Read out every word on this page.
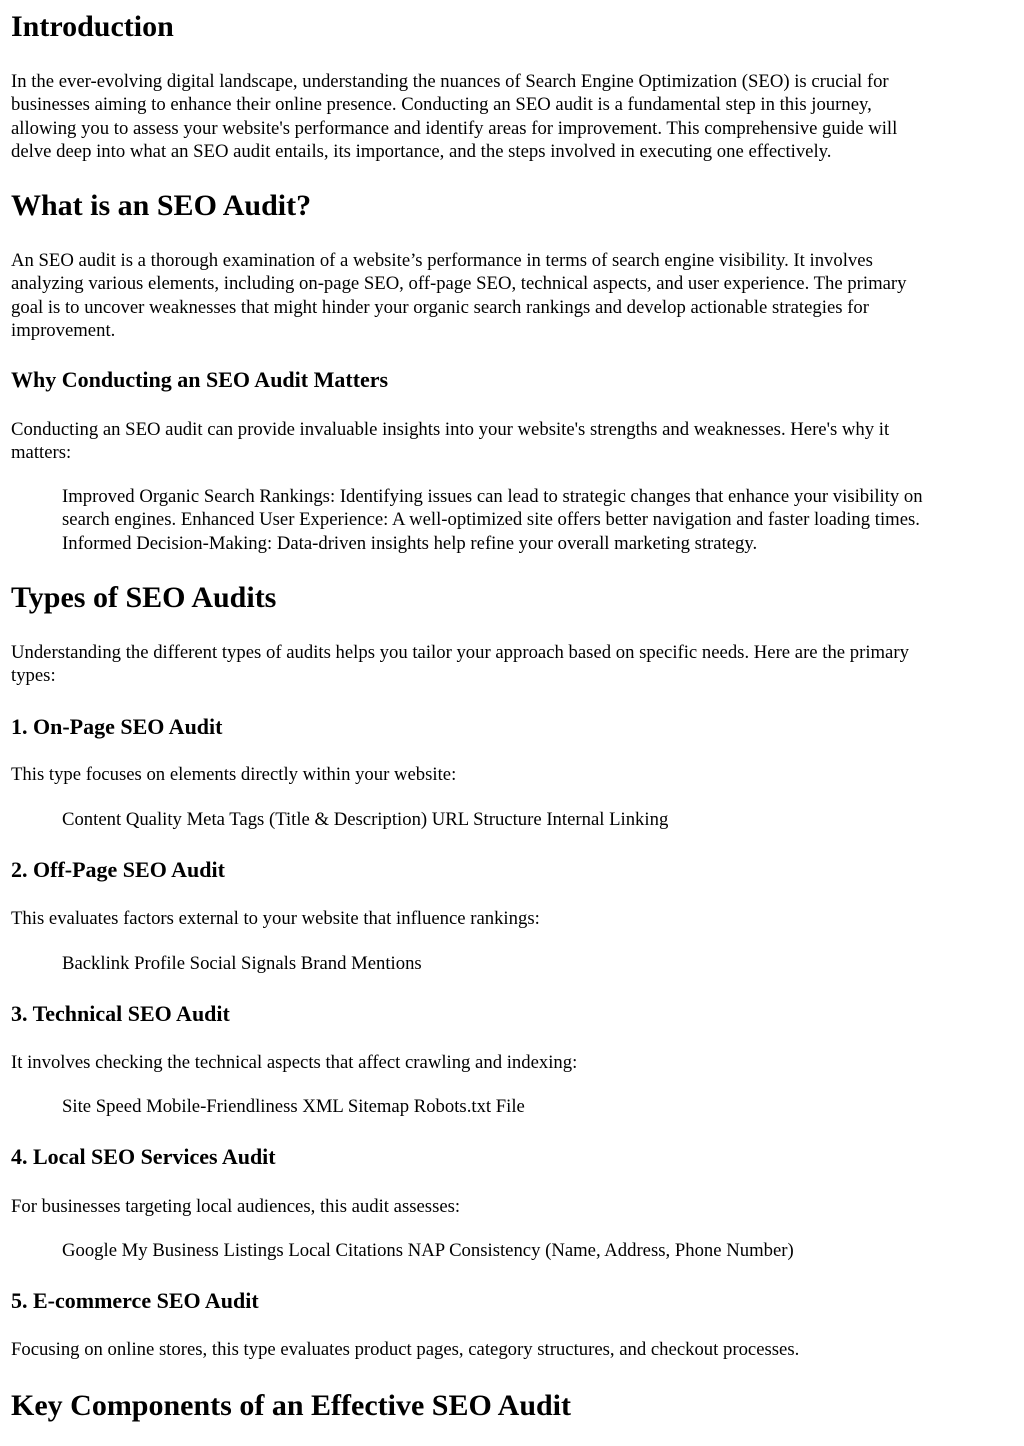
Introduction

In the ever-evolving digital landscape, understanding the nuances of Search Engine Optimization (SEO) is crucial for
businesses aiming to enhance their online presence. Conducting an SEO audit is a fundamental step in this journey,
allowing you to assess your website's performance and identify areas for improvement. This comprehensive guide will
delve deep into what an SEO audit entails, its importance, and the steps involved in executing one effectively.

What is an SEO Audit?

An SEO audit is a thorough examination of a website’s performance in terms of search engine visibility. It involves
analyzing various elements, including on-page SEO, off-page SEO, technical aspects, and user experience. The primary
goal is to uncover weaknesses that might hinder your organic search rankings and develop actionable strategies for
improvement.

Why Conducting an SEO Audit Matters

Conducting an SEO audit can provide invaluable insights into your website's strengths and weaknesses. Here's why it
matters:

Improved Organic Search Rankings: Identifying issues can lead to strategic changes that enhance your visibility on
search engines. Enhanced User Experience: A well-optimized site offers better navigation and faster loading times.
Informed Decision-Making: Data-driven insights help refine your overall marketing strategy.
Types of SEO Audits

Understanding the different types of audits helps you tailor your approach based on specific needs. Here are the primary
types:

1. On-Page SEO Audit

This type focuses on elements directly within your website:

Content Quality Meta Tags (Title & Description) URL Structure Internal Linking
2. Off-Page SEO Audit

This evaluates factors external to your website that influence rankings:

Backlink Profile Social Signals Brand Mentions
3. Technical SEO Audit

It involves checking the technical aspects that affect crawling and indexing:

Site Speed Mobile-Friendliness XML Sitemap Robots.txt File
4. Local SEO Services Audit

For businesses targeting local audiences, this audit assesses:

Google My Business Listings Local Citations NAP Consistency (Name, Address, Phone Number)
5. E-commerce SEO Audit

Focusing on online stores, this type evaluates product pages, category structures, and checkout processes.

Key Components of an Effective SEO Audit
